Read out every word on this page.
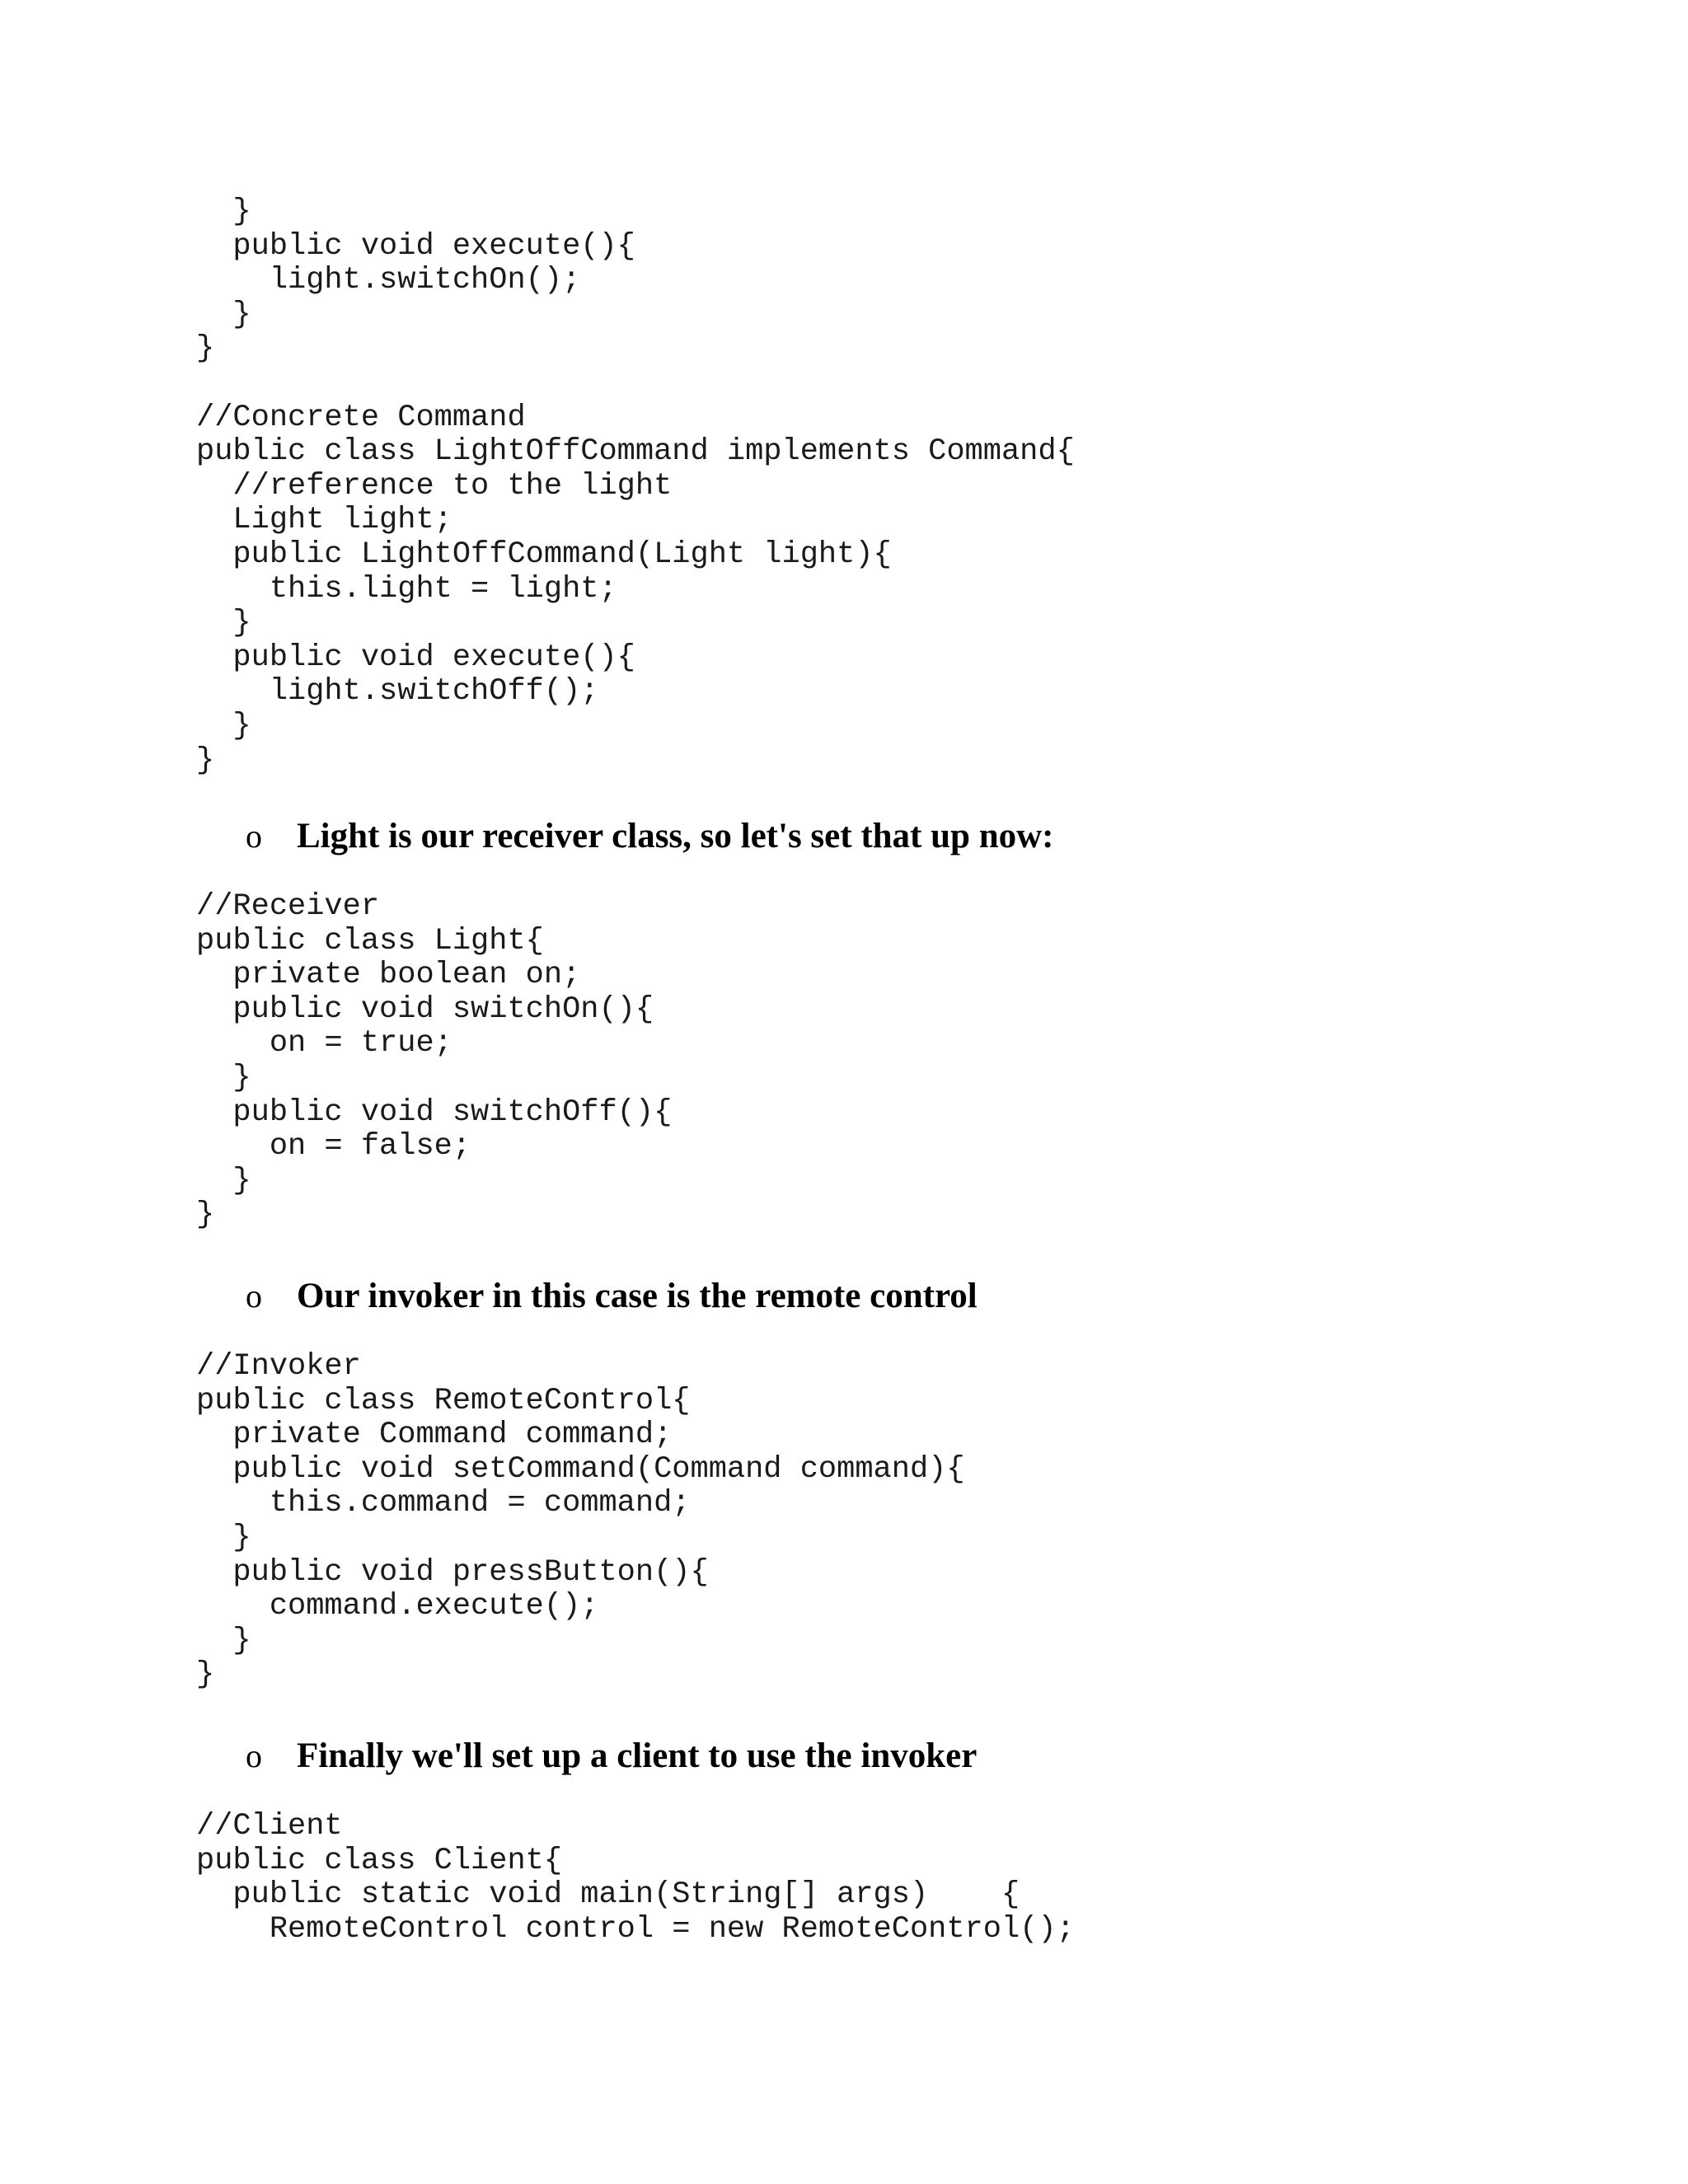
}
public void execute(){
light.switchOn();
}
}
//Concrete Command
public class LightOffCommand implements Command{
//reference to the light
Light light;
public LightOffCommand(Light light){
this.light = light;
}
public void execute(){
light.switchOff();
}
}
o Light is our receiver class, so let's set that up now:
//Receiver
public class Light{
private boolean on;
public void switchOn(){
on = true;
}
public void switchOff(){
on = false;
}
}
o Our invoker in this case is the remote control
//Invoker
public class RemoteControl{
private Command command;
public void setCommand(Command command){
this.command = command;
}
public void pressButton(){
command.execute();
}
}
o Finally we'll set up a client to use the invoker
//Client
public class Client{
public static void main(String[] args)    {
RemoteControl control = new RemoteControl();
